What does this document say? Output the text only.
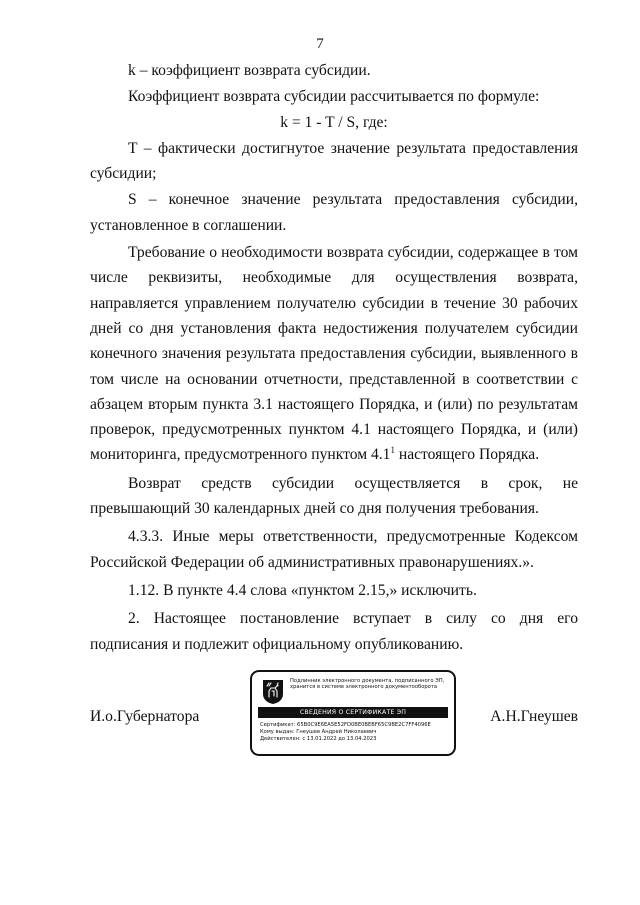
7

k – коэффициент возврата субсидии.

Коэффициент возврата субсидии рассчитывается по формуле:

k = 1 - T / S, где:

T – фактически достигнутое значение результата предоставления субсидии;

S – конечное значение результата предоставления субсидии, установленное в соглашении.

Требование о необходимости возврата субсидии, содержащее в том числе реквизиты, необходимые для осуществления возврата, направляется управлением получателю субсидии в течение 30 рабочих дней со дня установления факта недостижения получателем субсидии конечного значения результата предоставления субсидии, выявленного в том числе на основании отчетности, представленной в соответствии с абзацем вторым пункта 3.1 настоящего Порядка, и (или) по результатам проверок, предусмотренных пунктом 4.1 настоящего Порядка, и (или) мониторинга, предусмотренного пунктом $4.1^1$ настоящего Порядка.

Возврат средств субсидии осуществляется в срок, не превышающий 30 календарных дней со дня получения требования.

4.3.3. Иные меры ответственности, предусмотренные Кодексом Российской Федерации об административных правонарушениях.».

1.12. В пункте 4.4 слова «пунктом 2.15,» исключить.

2. Настоящее постановление вступает в силу со дня его подписания и подлежит официальному опубликованию.

И.о.Губернатора	А.Н.Гнеушев
Подлинник электронного документа, подписанного ЭП,
хранится в системе электронного документооборота
СВЕДЕНИЯ О СЕРТИФИКАТЕ ЭП
Сертификат: 65B0C9E6EA5E52FD0BE0BEBF65C9BE2C7FF4096E
Кому выдан: Гнеушев Андрей Николаевич
Действителен: с 13.01.2022 до 13.04.2023
